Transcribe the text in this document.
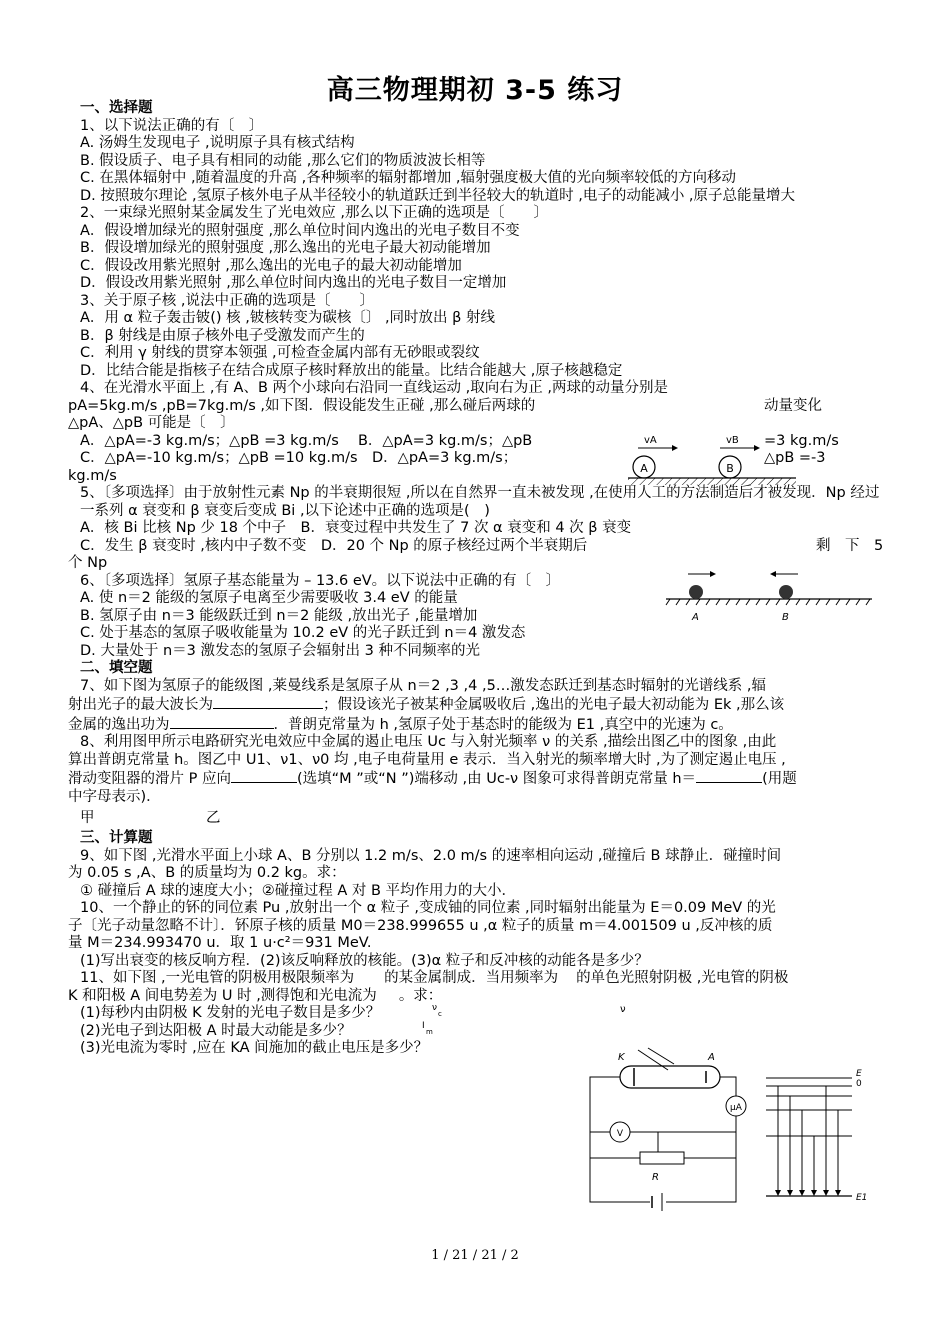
高三物理期初 3-5 练习
一、选择题
1、以下说法正确的有〔　〕
A. 汤姆生发现电子 ,说明原子具有核式结构
B. 假设质子、电子具有相同的动能 ,那么它们的物质波波长相等
C. 在黑体辐射中 ,随着温度的升高 ,各种频率的辐射都增加 ,辐射强度极大值的光向频率较低的方向移动
D. 按照玻尔理论 ,氢原子核外电子从半径较小的轨道跃迁到半径较大的轨道时 ,电子的动能减小 ,原子总能量增大
2、一束绿光照射某金属发生了光电效应 ,那么以下正确的选项是〔　　〕
A．假设增加绿光的照射强度 ,那么单位时间内逸出的光电子数目不变
B．假设增加绿光的照射强度 ,那么逸出的光电子最大初动能增加
C．假设改用紫光照射 ,那么逸出的光电子的最大初动能增加
D．假设改用紫光照射 ,那么单位时间内逸出的光电子数目一定增加
3、关于原子核 ,说法中正确的选项是〔　　〕
A．用 α 粒子轰击铍() 核 ,铍核转变为碳核〔〕 ,同时放出 β 射线
B．β 射线是由原子核外电子受激发而产生的
C．利用 γ 射线的贯穿本领强 ,可检查金属内部有无砂眼或裂纹
D．比结合能是指核子在结合成原子核时释放出的能量。比结合能越大 ,原子核越稳定
4、在光滑水平面上 ,有 A、B 两个小球向右沿同一直线运动 ,取向右为正 ,两球的动量分别是
pA=5kg.m/s ,pB=7kg.m/s ,如下图．假设能发生正碰 ,那么碰后两球的	动量变化
△pA、△pB 可能是〔　〕
A．△pA=-3 kg.m/s；△pB =3 kg.m/s　 B．△pA=3 kg.m/s；△pB	=3 kg.m/s
C．△pA=-10 kg.m/s；△pB =10 kg.m/s　D．△pA=3 kg.m/s；	△pB =-3
kg.m/s
5、〔多项选择〕由于放射性元素 Np 的半衰期很短 ,所以在自然界一直未被发现 ,在使用人工的方法制造后才被发现．Np 经过一系列 α 衰变和 β 衰变后变成 Bi ,以下论述中正确的选项是(　)
A．核 Bi 比核 Np 少 18 个中子　B．衰变过程中共发生了 7 次 α 衰变和 4 次 β 衰变
C．发生 β 衰变时 ,核内中子数不变　D．20 个 Np 的原子核经过两个半衰期后	剩　下　5
个 Np
6、〔多项选择〕氢原子基态能量为 – 13.6 eV。以下说法中正确的有〔　〕
A. 使 n＝2 能级的氢原子电离至少需要吸收 3.4 eV 的能量
B. 氢原子由 n＝3 能级跃迁到 n＝2 能级 ,放出光子 ,能量增加
C. 处于基态的氢原子吸收能量为 10.2 eV 的光子跃迁到 n＝4 激发态
D. 大量处于 n＝3 激发态的氢原子会辐射出 3 种不同频率的光
二、填空题
7、如下图为氢原子的能级图 ,莱曼线系是氢原子从 n＝2 ,3 ,4 ,5…激发态跃迁到基态时辐射的光谱线系 ,辐
射出光子的最大波长为	；假设该光子被某种金属吸收后 ,逸出的光电子最大初动能为 Ek ,那么该
金属的逸出功为	．普朗克常量为 h ,氢原子处于基态时的能级为 E1 ,真空中的光速为 c。
8、利用图甲所示电路研究光电效应中金属的遏止电压 Uc 与入射光频率 ν 的关系 ,描绘出图乙中的图象 ,由此
算出普朗克常量 h。图乙中 U1、ν1、ν0 均 ,电子电荷量用 e 表示．当入射光的频率增大时 ,为了测定遏止电压 ,
滑动变阻器的滑片 P 应向	(选填“M ”或“N ”)端移动 ,由 Uc-ν 图象可求得普朗克常量 h＝	(用题
中字母表示)．
甲	乙
三、计算题
9、如下图 ,光滑水平面上小球 A、B 分别以 1.2 m/s、2.0 m/s 的速率相向运动 ,碰撞后 B 球静止．碰撞时间
为 0.05 s ,A、B 的质量均为 0.2 kg。求：
① 碰撞后 A 球的速度大小；②碰撞过程 A 对 B 平均作用力的大小．
10、一个静止的钚的同位素 Pu ,放射出一个 α 粒子 ,变成铀的同位素 ,同时辐射出能量为 E＝0.09 MeV 的光
子〔光子动量忽略不计〕．钚原子核的质量 M0＝238.999655 u ,α 粒子的质量 m＝4.001509 u ,反冲核的质
量 M＝234.993470 u．取 1 u·c²＝931 MeV.
(1)写出衰变的核反响方程．(2)该反响释放的核能。(3)α 粒子和反冲核的动能各是多少？
11、如下图 ,一光电管的阴极用极限频率为 的某金属制成．当用频率为 的单色光照射阴极 ,光电管的阴极
K 和阳极 A 间电势差为 U 时 ,测得饱和光电流为 。求：
(1)每秒内由阴极 K 发射的光电子数目是多少？
(2)光电子到达阳极 A 时最大动能是多少？
(3)光电流为零时 ,应在 KA 间施加的截止电压是多少？
A	B
vA	vB
A	B
ν
c	ν
I
m
K	A
μA
V
R
E
0
E1
1 / 21 / 21 / 2
